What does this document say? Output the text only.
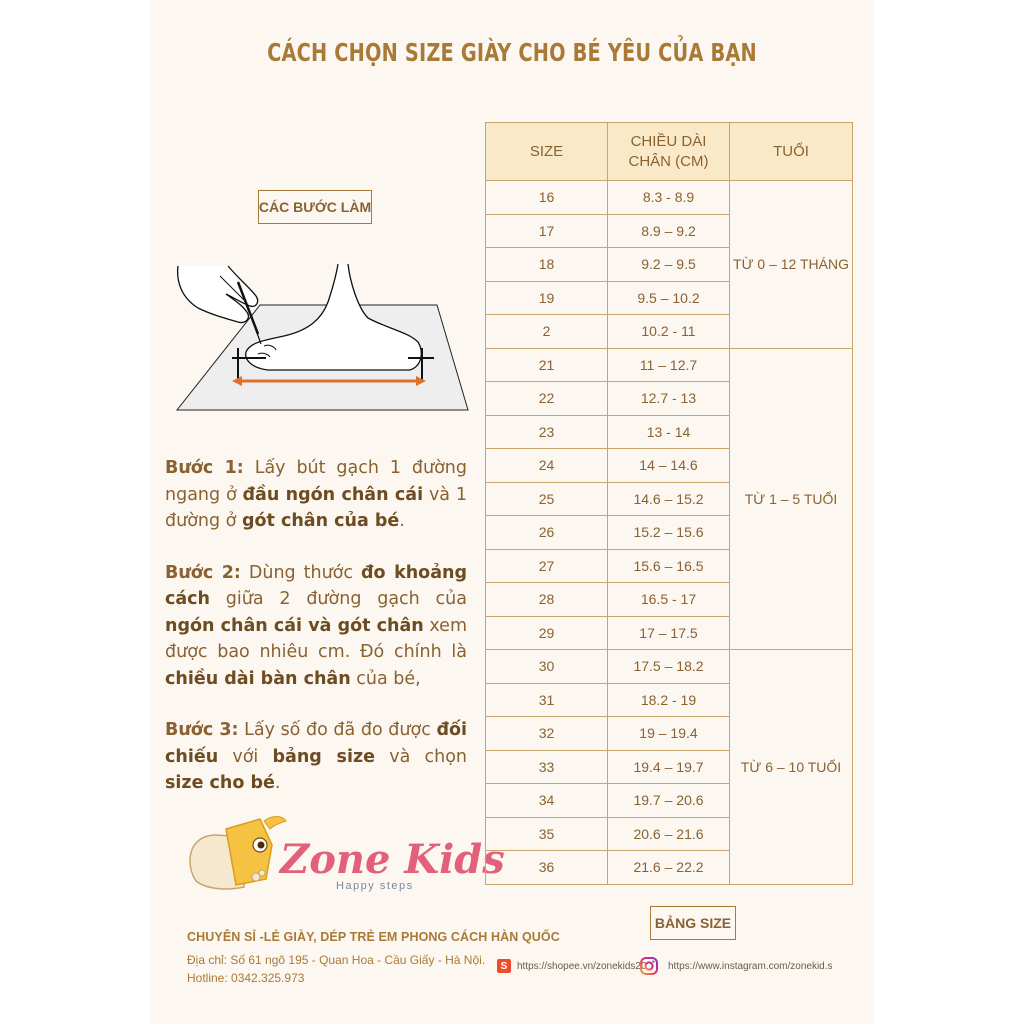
CÁCH CHỌN SIZE GIÀY CHO BÉ YÊU CỦA BẠN
CÁC BƯỚC LÀM

Bước 1: Lấy bút gạch 1 đường ngang ở đầu ngón chân cái và 1 đường ở gót chân của bé.

Bước 2: Dùng thước đo khoảng cách giữa 2 đường gạch của ngón chân cái và gót chân xem được bao nhiêu cm. Đó chính là chiều dài bàn chân của bé,

Bước 3: Lấy số đo đã đo được đối chiếu với bảng size và chọn size cho bé.

Zone Kids
Happy steps
CHUYÊN SỈ -LẺ GIÀY, DÉP TRẺ EM PHONG CÁCH HÀN QUỐC
Địa chỉ: Số 61 ngõ 195 - Quan Hoa - Cầu Giấy - Hà Nội.
Hotline: 0342.325.973
S https://shopee.vn/zonekids20 https://www.instagram.com/zonekid.s
SIZE	CHIỀU DÀI CHÂN (CM)	TUỔI
16	8.3 - 8.9	TỪ 0 – 12 THÁNG
17	8.9 – 9.2	
18	9.2 – 9.5	
19	9.5 – 10.2	
2	10.2 - 11	
21	11 – 12.7	TỪ 1 – 5 TUỔI
22	12.7 - 13	
23	13 - 14	
24	14 – 14.6	
25	14.6 – 15.2	
26	15.2 – 15.6	
27	15.6 – 16.5	
28	16.5 - 17	
29	17 – 17.5	
30	17.5 – 18.2	TỪ 6 – 10 TUỔI
31	18.2 - 19	
32	19 – 19.4	
33	19.4 – 19.7	
34	19.7 – 20.6	
35	20.6 – 21.6	
36	21.6 – 22.2	
BẢNG SIZE
